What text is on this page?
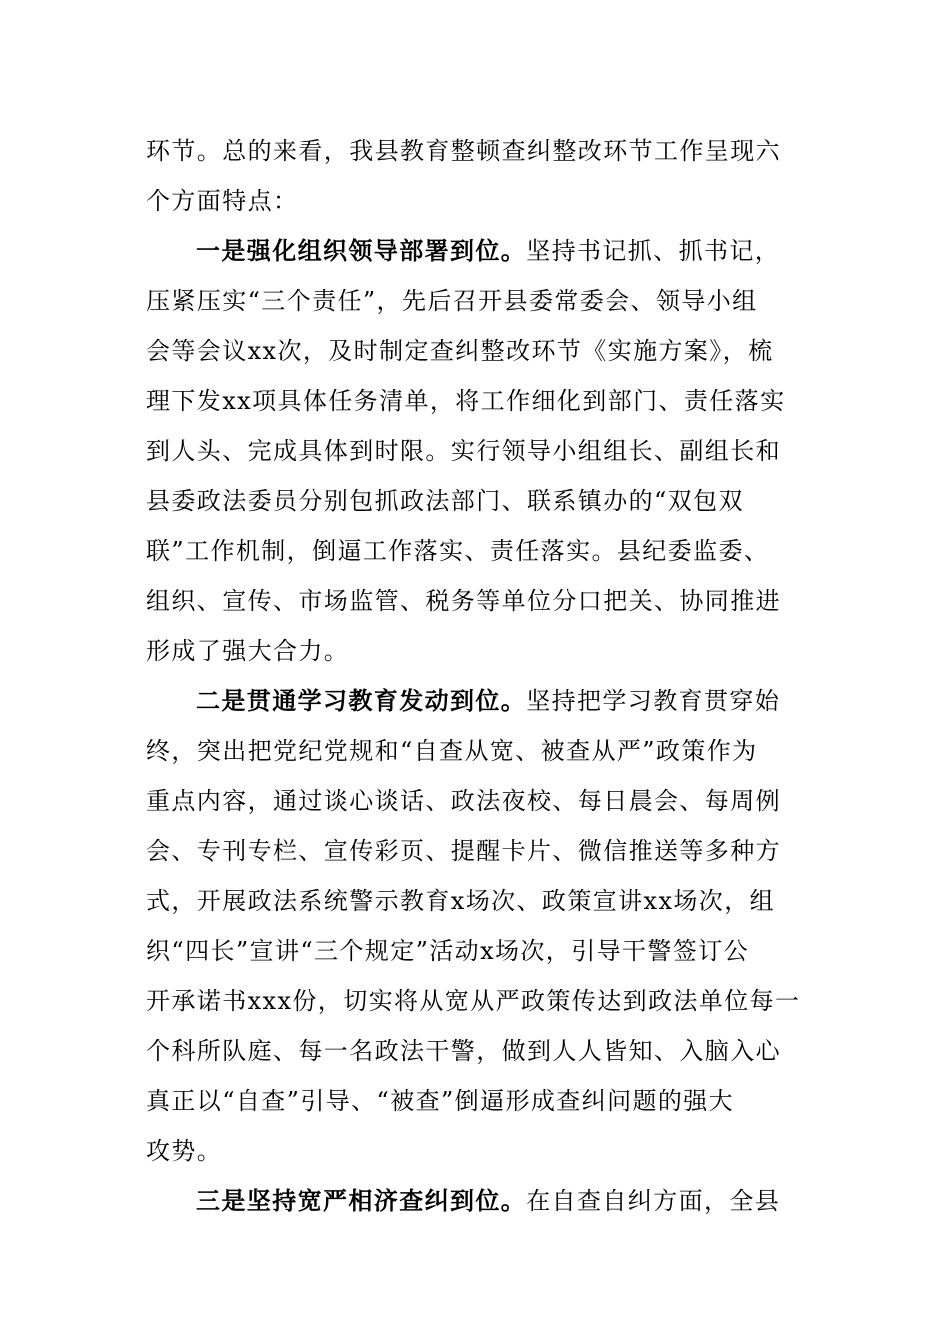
环节。总的来看，我县教育整顿查纠整改环节工作呈现六
个方面特点：
一是强化组织领导部署到位。坚持书记抓、抓书记，
压紧压实“三个责任”，先后召开县委常委会、领导小组
会等会议xx次，及时制定查纠整改环节《实施方案》，梳
理下发xx项具体任务清单，将工作细化到部门、责任落实
到人头、完成具体到时限。实行领导小组组长、副组长和
县委政法委员分别包抓政法部门、联系镇办的“双包双
联”工作机制，倒逼工作落实、责任落实。县纪委监委、
组织、宣传、市场监管、税务等单位分口把关、协同推进
形成了强大合力。
二是贯通学习教育发动到位。坚持把学习教育贯穿始
终，突出把党纪党规和“自查从宽、被查从严”政策作为
重点内容，通过谈心谈话、政法夜校、每日晨会、每周例
会、专刊专栏、宣传彩页、提醒卡片、微信推送等多种方
式，开展政法系统警示教育x场次、政策宣讲xx场次，组
织“四长”宣讲“三个规定”活动x场次，引导干警签订公
开承诺书xxx份，切实将从宽从严政策传达到政法单位每一
个科所队庭、每一名政法干警，做到人人皆知、入脑入心
真正以“自查”引导、“被查”倒逼形成查纠问题的强大
攻势。
三是坚持宽严相济查纠到位。在自查自纠方面，全县
